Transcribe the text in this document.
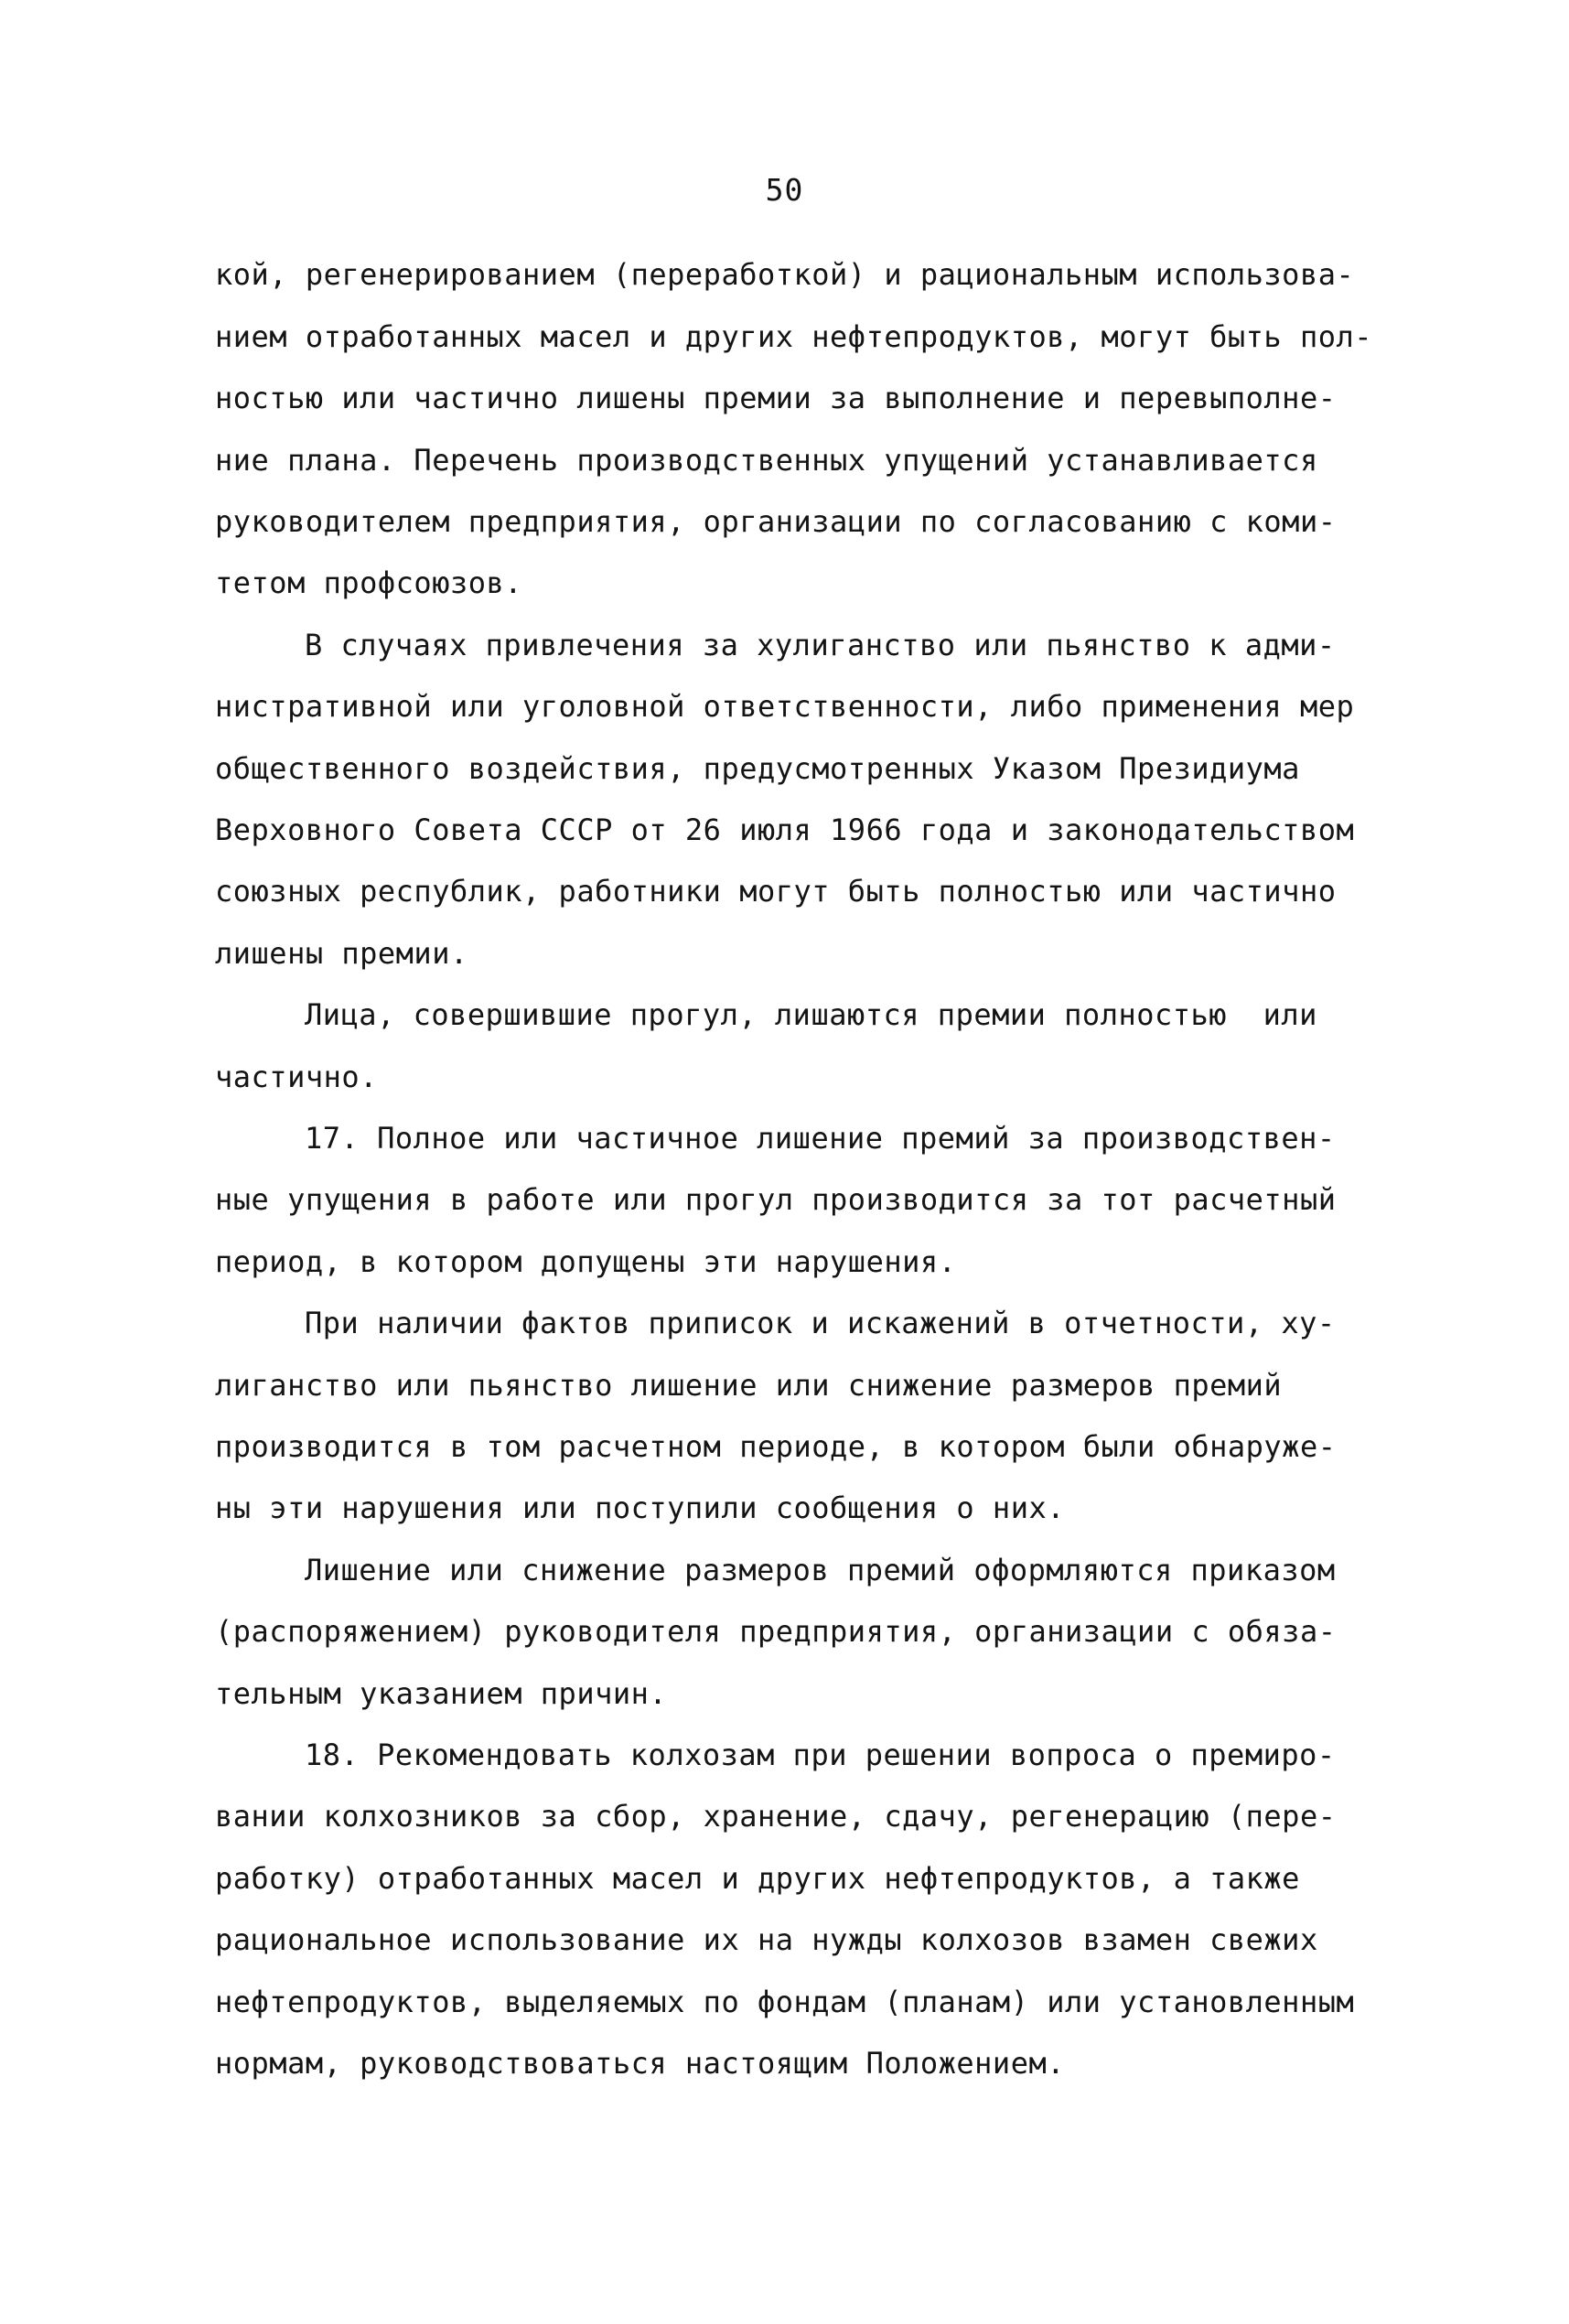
50
кой, регенерированием (переработкой) и рациональным использова-
нием отработанных масел и других нефтепродуктов, могут быть пол-
ностью или частично лишены премии за выполнение и перевыполне-
ние плана. Перечень производственных упущений устанавливается
руководителем предприятия, организации по согласованию с коми-
тетом профсоюзов.
В случаях привлечения за хулиганство или пьянство к адми-
нистративной или уголовной ответственности, либо применения мер
общественного воздействия, предусмотренных Указом Президиума
Верховного Совета СССР от 26 июля 1966 года и законодательством
союзных республик, работники могут быть полностью или частично
лишены премии.
Лица, совершившие прогул, лишаются премии полностью  или
частично.
17. Полное или частичное лишение премий за производствен-
ные упущения в работе или прогул производится за тот расчетный
период, в котором допущены эти нарушения.
При наличии фактов приписок и искажений в отчетности, ху-
лиганство или пьянство лишение или снижение размеров премий
производится в том расчетном периоде, в котором были обнаруже-
ны эти нарушения или поступили сообщения о них.
Лишение или снижение размеров премий оформляются приказом
(распоряжением) руководителя предприятия, организации с обяза-
тельным указанием причин.
18. Рекомендовать колхозам при решении вопроса о премиро-
вании колхозников за сбор, хранение, сдачу, регенерацию (пере-
работку) отработанных масел и других нефтепродуктов, а также
рациональное использование их на нужды колхозов взамен свежих
нефтепродуктов, выделяемых по фондам (планам) или установленным
нормам, руководствоваться настоящим Положением.
